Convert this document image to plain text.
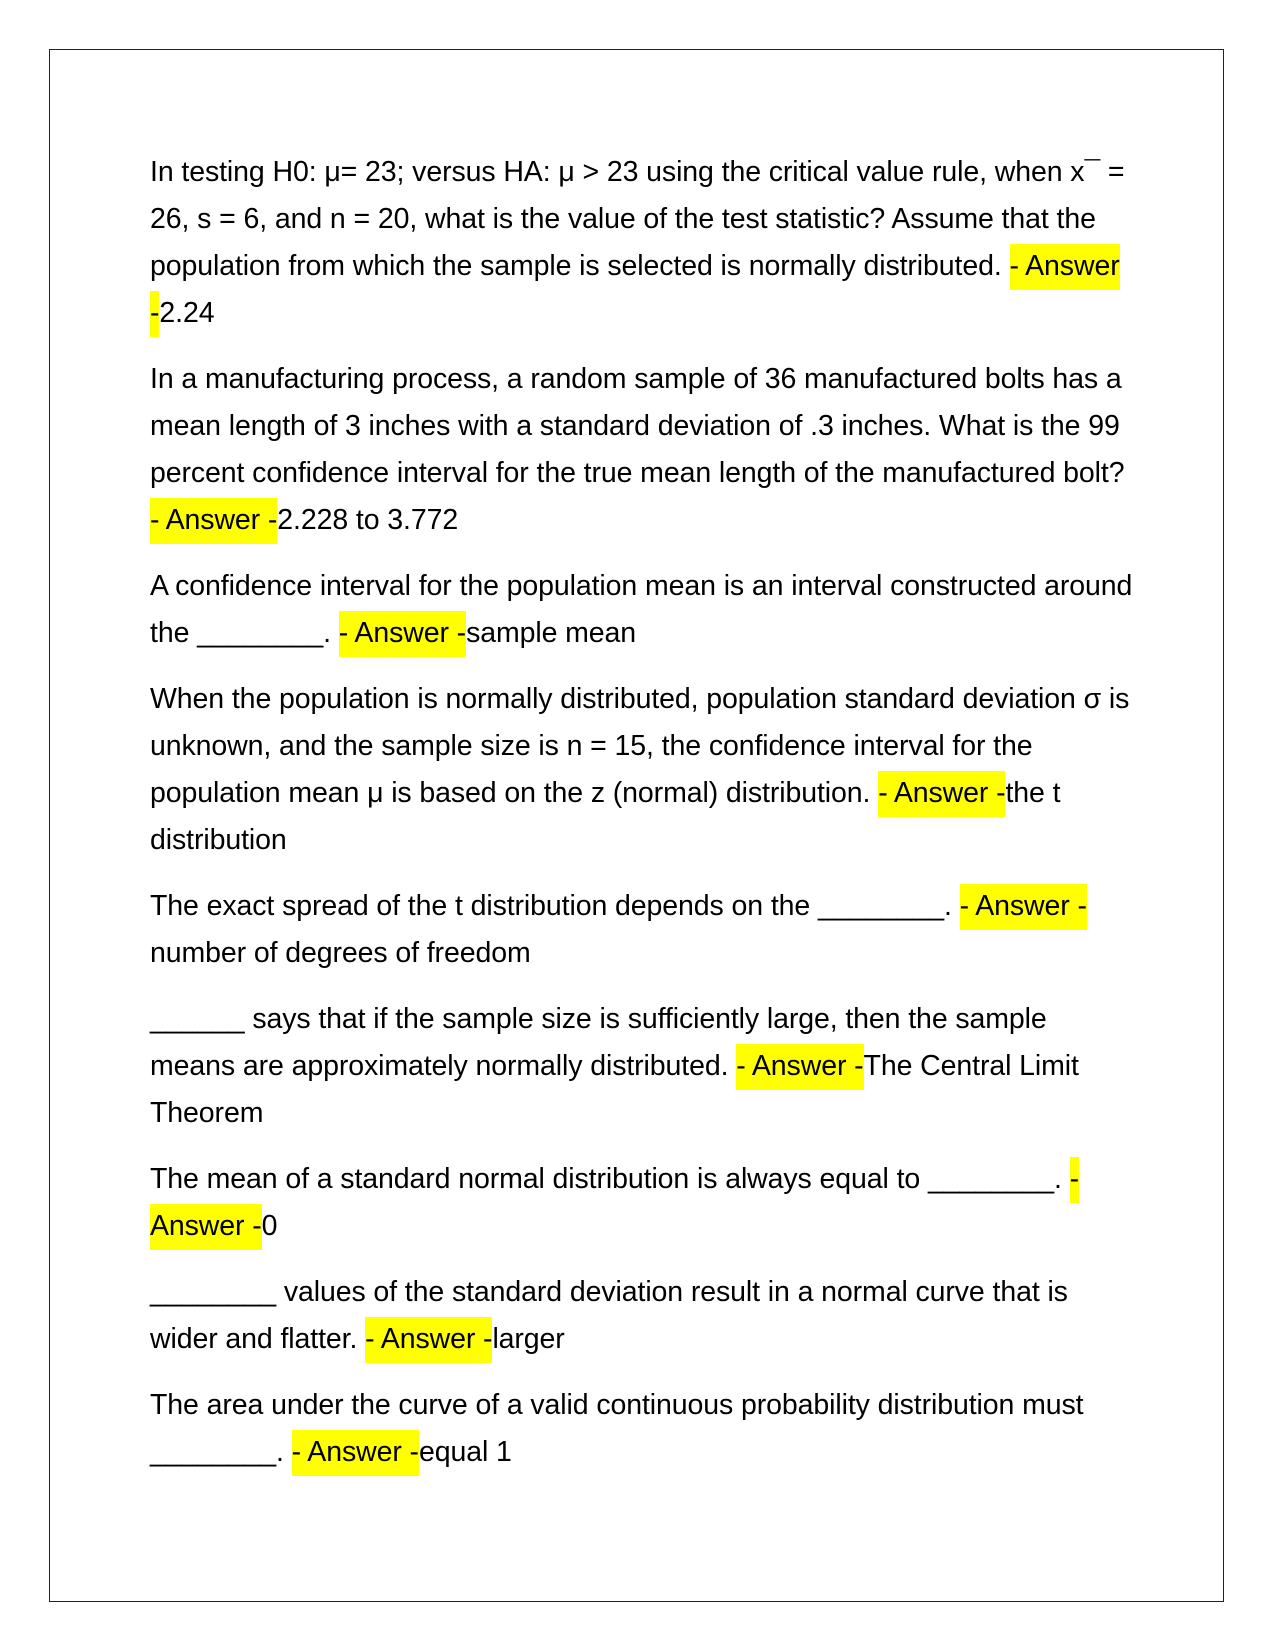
In testing H0: μ= 23; versus HA: μ > 23 using the critical value rule, when x¯ = 26, s = 6, and n = 20, what is the value of the test statistic? Assume that the population from which the sample is selected is normally distributed. - Answer -2.24

In a manufacturing process, a random sample of 36 manufactured bolts has a mean length of 3 inches with a standard deviation of .3 inches. What is the 99 percent confidence interval for the true mean length of the manufactured bolt? - Answer -2.228 to 3.772

A confidence interval for the population mean is an interval constructed around the ________. - Answer -sample mean

When the population is normally distributed, population standard deviation σ is unknown, and the sample size is n = 15, the confidence interval for the population mean μ is based on the z (normal) distribution. - Answer -the t distribution

The exact spread of the t distribution depends on the ________. - Answer -number of degrees of freedom

______ says that if the sample size is sufficiently large, then the sample means are approximately normally distributed. - Answer -The Central Limit Theorem

The mean of a standard normal distribution is always equal to ________. - Answer -0

________ values of the standard deviation result in a normal curve that is wider and flatter. - Answer -larger

The area under the curve of a valid continuous probability distribution must ________. - Answer -equal 1
